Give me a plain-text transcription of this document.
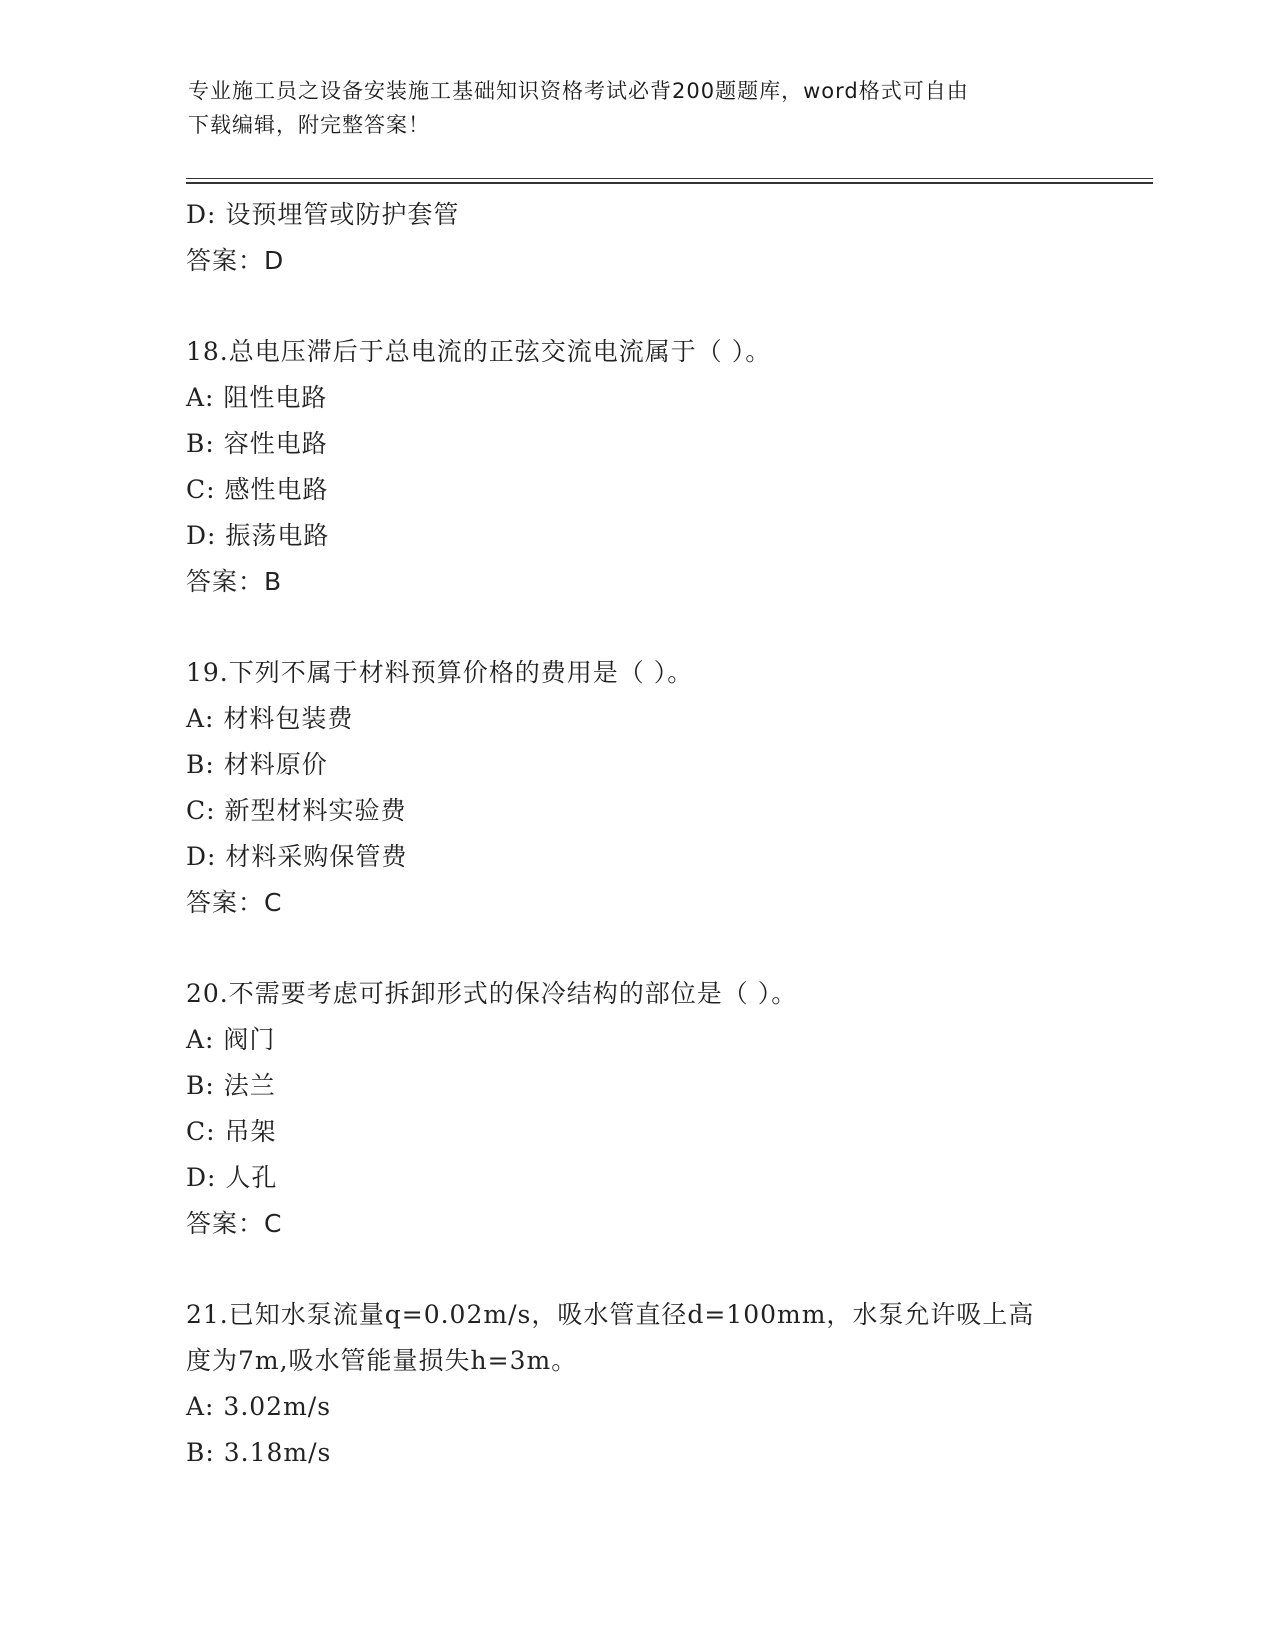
专业施工员之设备安装施工基础知识资格考试必背200题题库，word格式可自由
下载编辑，附完整答案！
D: 设预埋管或防护套管
答案：D
18.总电压滞后于总电流的正弦交流电流属于（ ）。
A: 阻性电路
B: 容性电路
C: 感性电路
D: 振荡电路
答案：B
19.下列不属于材料预算价格的费用是（ ）。
A: 材料包装费
B: 材料原价
C: 新型材料实验费
D: 材料采购保管费
答案：C
20.不需要考虑可拆卸形式的保冷结构的部位是（ ）。
A: 阀门
B: 法兰
C: 吊架
D: 人孔
答案：C
21.已知水泵流量q=0.02m/s，吸水管直径d=100mm，水泵允许吸上高
度为7m,吸水管能量损失h=3m。
A: 3.02m/s
B: 3.18m/s
